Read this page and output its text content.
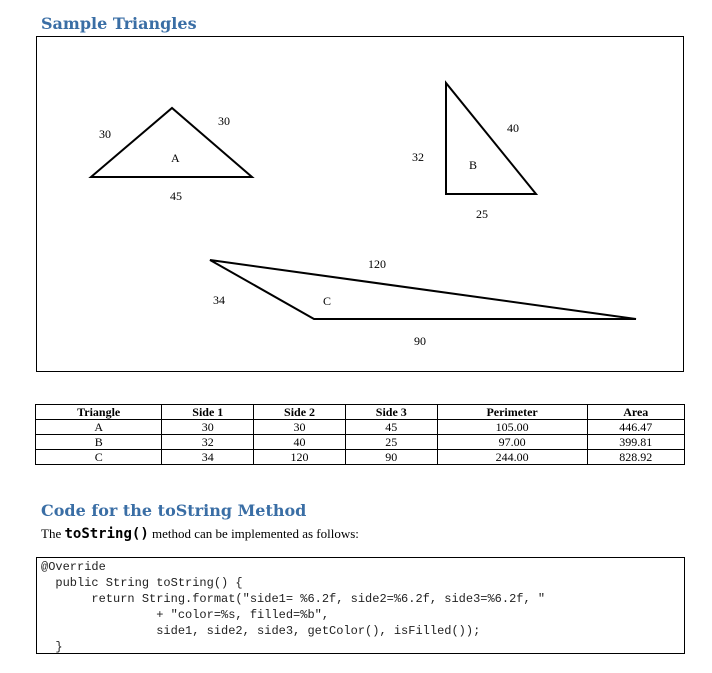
Sample Triangles
A
30
30
45
B
32
40
25
C
34
120
90
Triangle	Side 1	Side 2	Side 3	Perimeter	Area
A	30	30	45	105.00	446.47
B	32	40	25	97.00	399.81
C	34	120	90	244.00	828.92
Code for the toString Method
The toString() method can be implemented as follows:
@Override
public String toString() {
return String.format("side1= %6.2f, side2=%6.2f, side3=%6.2f, "
+ "color=%s, filled=%b",
side1, side2, side3, getColor(), isFilled());
}
